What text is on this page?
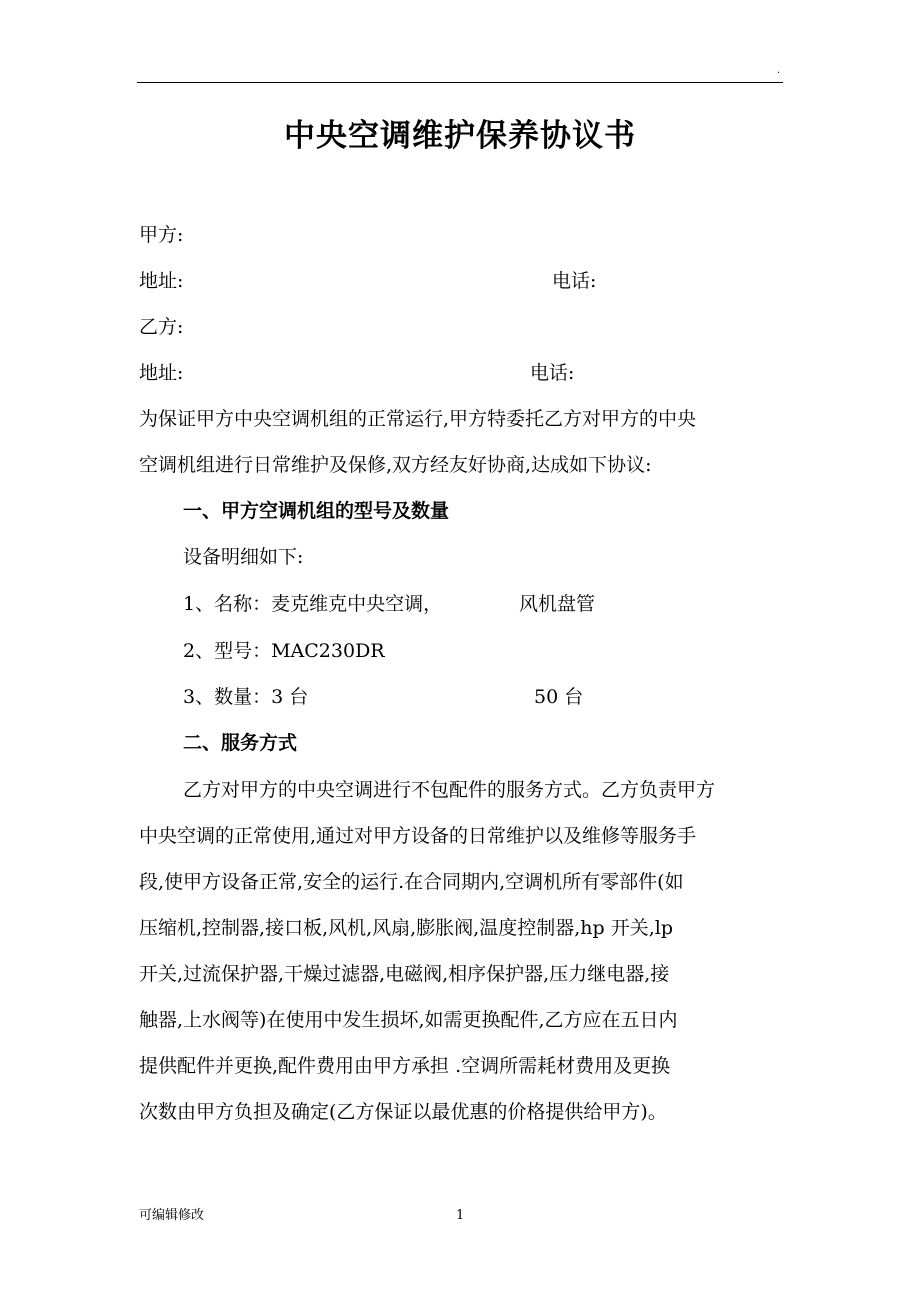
.
中央空调维护保养协议书
甲方:
地址:	电话:
乙方:
地址:	电话:
为保证甲方中央空调机组的正常运行,甲方特委托乙方对甲方的中央
空调机组进行日常维护及保修,双方经友好协商,达成如下协议:
一、甲方空调机组的型号及数量
设备明细如下:
1、名称：麦克维克中央空调，	风机盘管
2、型号：MAC230DR
3、数量：3 台	50 台
二、服务方式
乙方对甲方的中央空调进行不包配件的服务方式。乙方负责甲方
中央空调的正常使用,通过对甲方设备的日常维护以及维修等服务手
段,使甲方设备正常,安全的运行.在合同期内,空调机所有零部件(如
压缩机,控制器,接口板,风机,风扇,膨胀阀,温度控制器,hp 开关,lp
开关,过流保护器,干燥过滤器,电磁阀,相序保护器,压力继电器,接
触器,上水阀等)在使用中发生损坏,如需更换配件,乙方应在五日内
提供配件并更换,配件费用由甲方承担 .空调所需耗材费用及更换
次数由甲方负担及确定(乙方保证以最优惠的价格提供给甲方)。
可编辑修改	1
